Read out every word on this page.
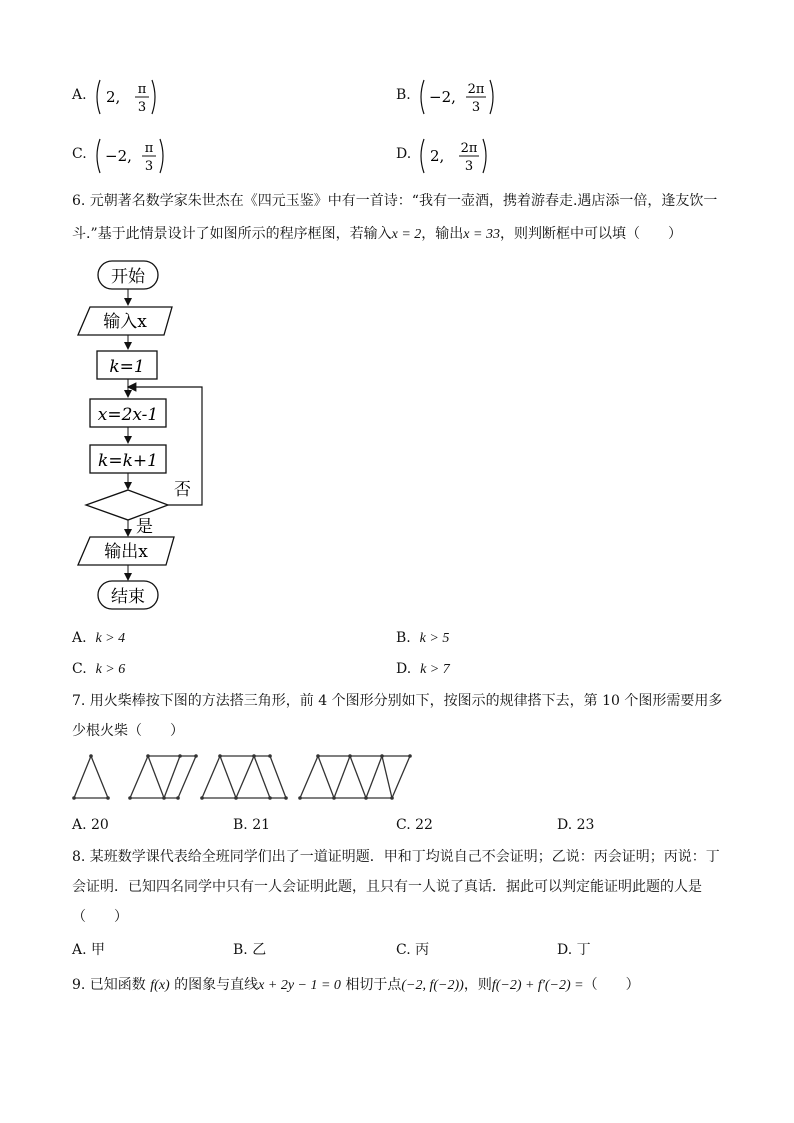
A. 2, π
3
B. −2, 2π
3
C. −2, π
3
D. 2, 2π
3
6. 元朝著名数学家朱世杰在《四元玉鉴》中有一首诗：“我有一壶酒，携着游春走.遇店添一倍，逢友饮一
斗.”基于此情景设计了如图所示的程序框图，若输入x = 2，输出x = 33，则判断框中可以填（　　）
开始
输入x
k=1
x=2x-1
k=k+1
否
是
输出x
结束
A. k > 4	B. k > 5
C. k > 6	D. k > 7
7. 用火柴棒按下图的方法搭三角形，前 4 个图形分别如下，按图示的规律搭下去，第 10 个图形需要用多
少根火柴（　　）
A. 20	B. 21	C. 22	D. 23
8. 某班数学课代表给全班同学们出了一道证明题．甲和丁均说自己不会证明；乙说：丙会证明；丙说：丁
会证明．已知四名同学中只有一人会证明此题，且只有一人说了真话．据此可以判定能证明此题的人是
（　　）
A. 甲	B. 乙	C. 丙	D. 丁
9. 已知函数 f(x) 的图象与直线x + 2y − 1 = 0 相切于点(−2, f(−2))，则f(−2) + f′(−2) =（　　）
